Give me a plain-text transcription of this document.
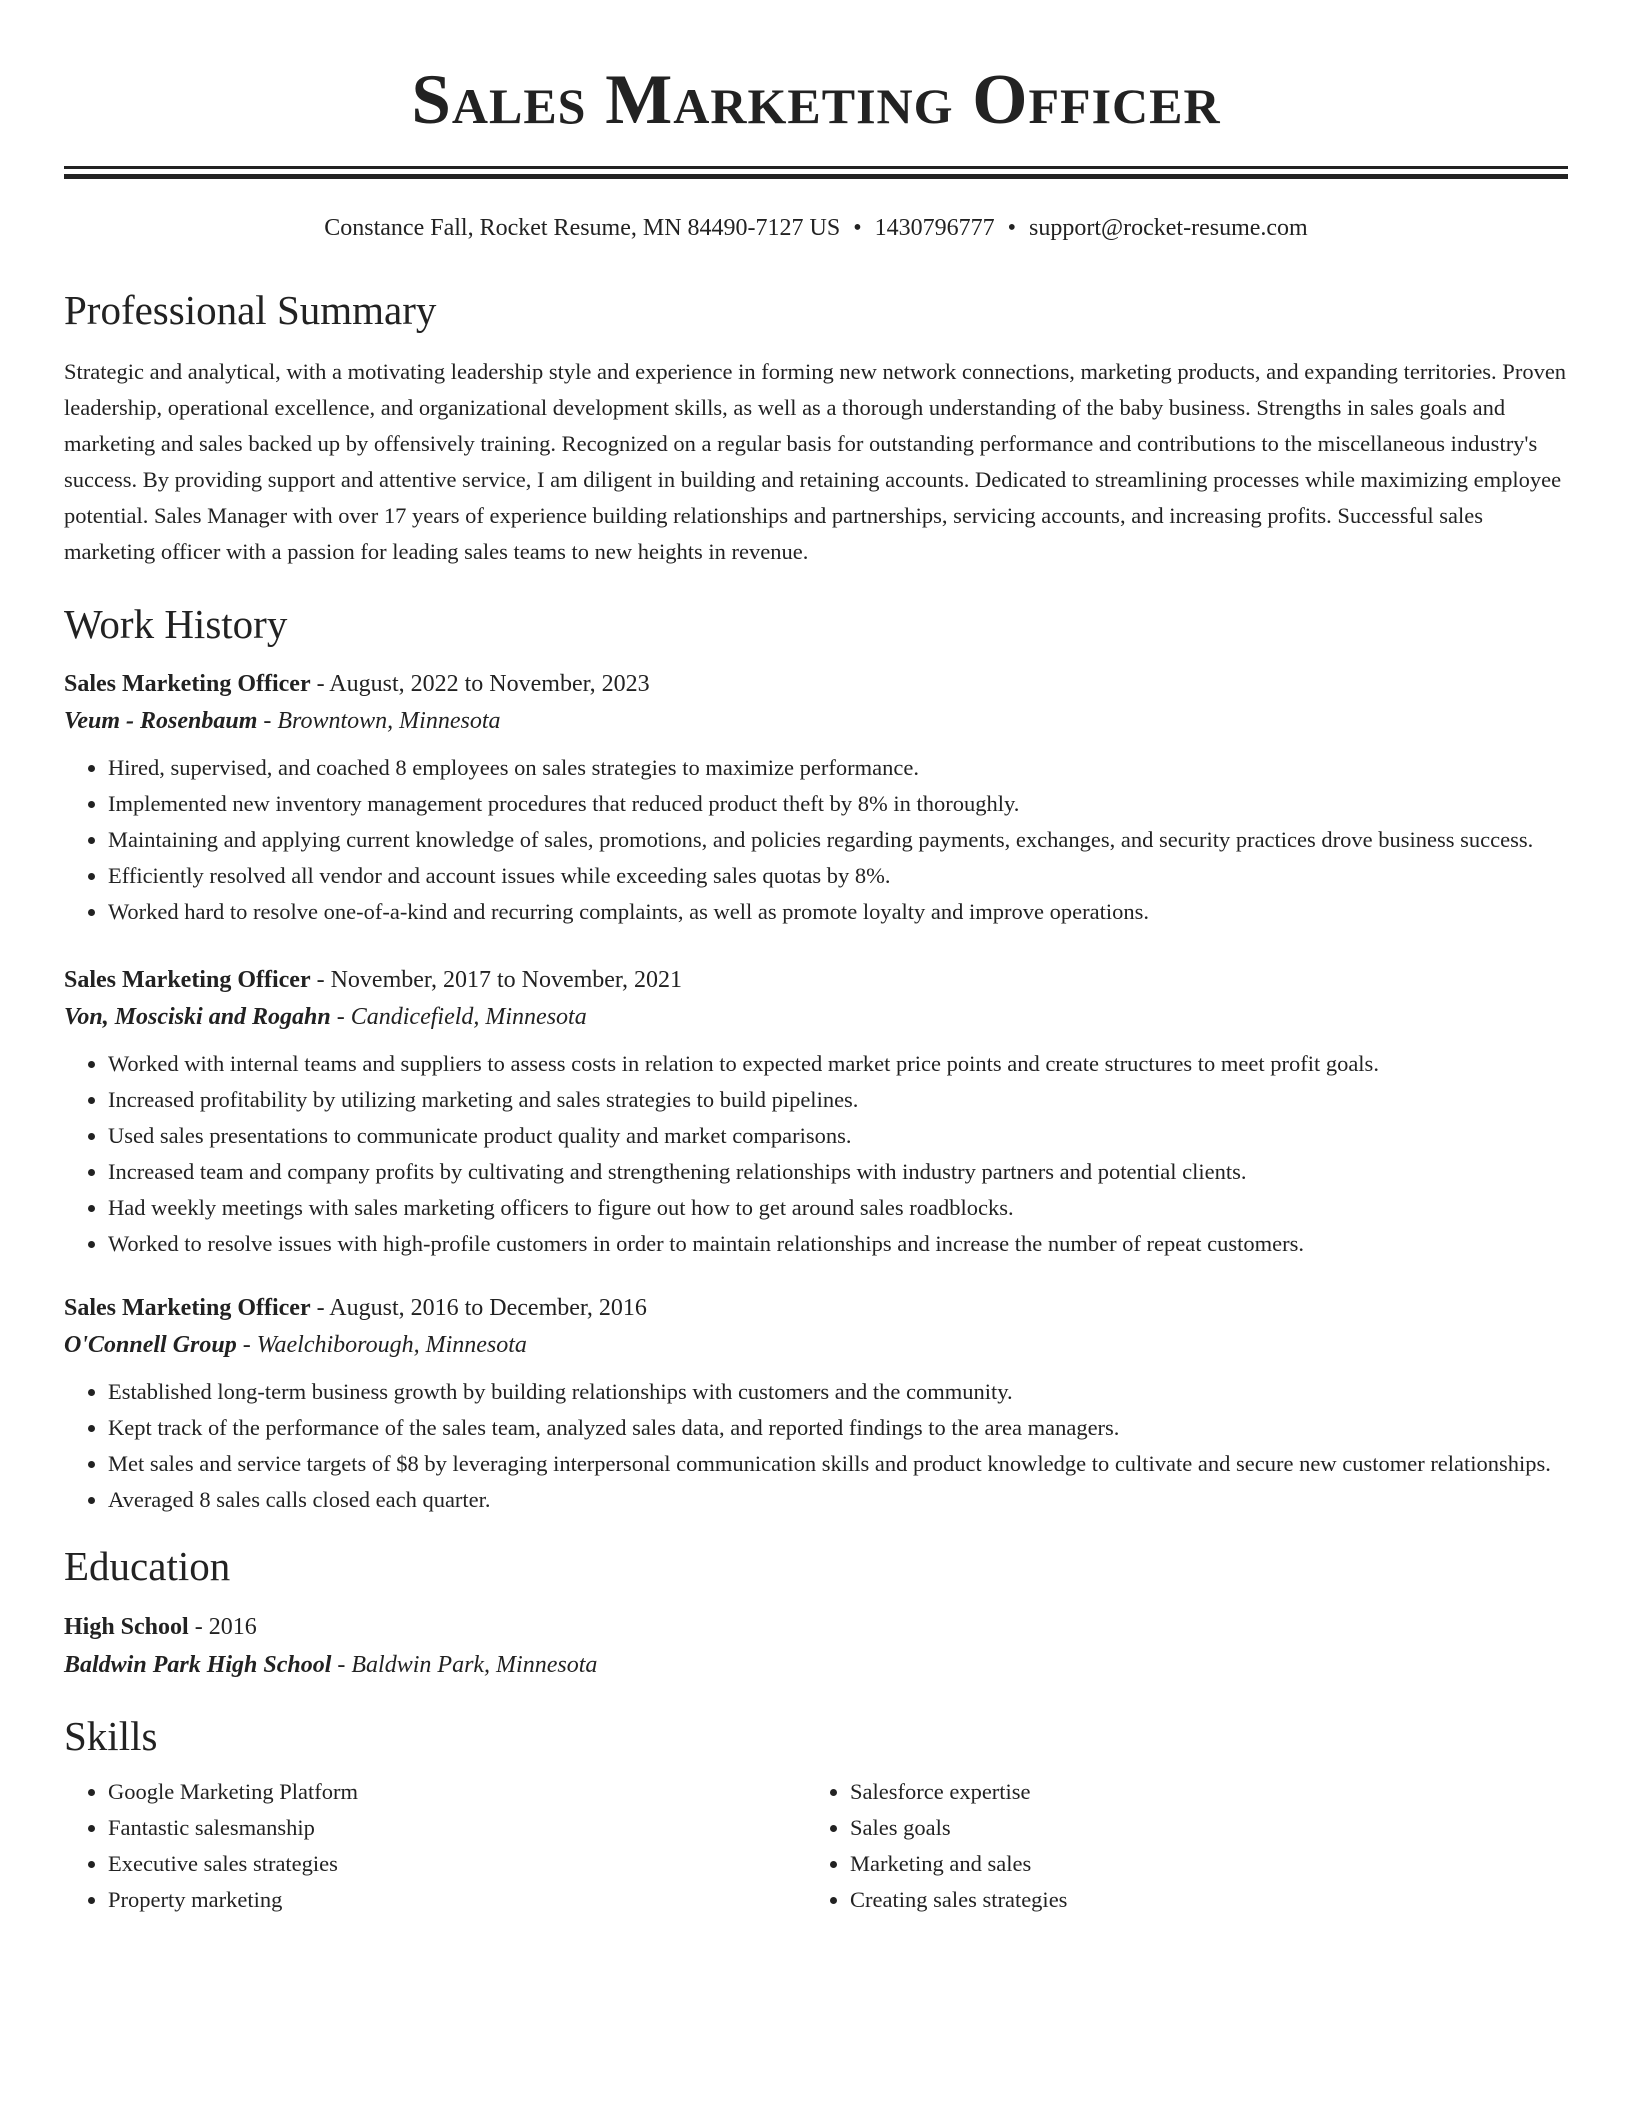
Sales Marketing Officer
Constance Fall, Rocket Resume, MN 84490-7127 US • 1430796777 • support@rocket-resume.com
Professional Summary

Strategic and analytical, with a motivating leadership style and experience in forming new network connections, marketing products, and expanding territories. Proven leadership, operational excellence, and organizational development skills, as well as a thorough understanding of the baby business. Strengths in sales goals and marketing and sales backed up by offensively training. Recognized on a regular basis for outstanding performance and contributions to the miscellaneous industry's success. By providing support and attentive service, I am diligent in building and retaining accounts. Dedicated to streamlining processes while maximizing employee potential. Sales Manager with over 17 years of experience building relationships and partnerships, servicing accounts, and increasing profits. Successful sales marketing officer with a passion for leading sales teams to new heights in revenue.

Work History
Sales Marketing Officer - August, 2022 to November, 2023
Veum - Rosenbaum - Browntown, Minnesota
• Hired, supervised, and coached 8 employees on sales strategies to maximize performance.
• Implemented new inventory management procedures that reduced product theft by 8% in thoroughly.
• Maintaining and applying current knowledge of sales, promotions, and policies regarding payments, exchanges, and security practices drove business success.
• Efficiently resolved all vendor and account issues while exceeding sales quotas by 8%.
• Worked hard to resolve one-of-a-kind and recurring complaints, as well as promote loyalty and improve operations.
Sales Marketing Officer - November, 2017 to November, 2021
Von, Mosciski and Rogahn - Candicefield, Minnesota
• Worked with internal teams and suppliers to assess costs in relation to expected market price points and create structures to meet profit goals.
• Increased profitability by utilizing marketing and sales strategies to build pipelines.
• Used sales presentations to communicate product quality and market comparisons.
• Increased team and company profits by cultivating and strengthening relationships with industry partners and potential clients.
• Had weekly meetings with sales marketing officers to figure out how to get around sales roadblocks.
• Worked to resolve issues with high-profile customers in order to maintain relationships and increase the number of repeat customers.
Sales Marketing Officer - August, 2016 to December, 2016
O'Connell Group - Waelchiborough, Minnesota
• Established long-term business growth by building relationships with customers and the community.
• Kept track of the performance of the sales team, analyzed sales data, and reported findings to the area managers.
• Met sales and service targets of $8 by leveraging interpersonal communication skills and product knowledge to cultivate and secure new customer relationships.
• Averaged 8 sales calls closed each quarter.
Education
High School - 2016
Baldwin Park High School - Baldwin Park, Minnesota
Skills
• Google Marketing Platform
• Fantastic salesmanship
• Executive sales strategies
• Property marketing
• Salesforce expertise
• Sales goals
• Marketing and sales
• Creating sales strategies
